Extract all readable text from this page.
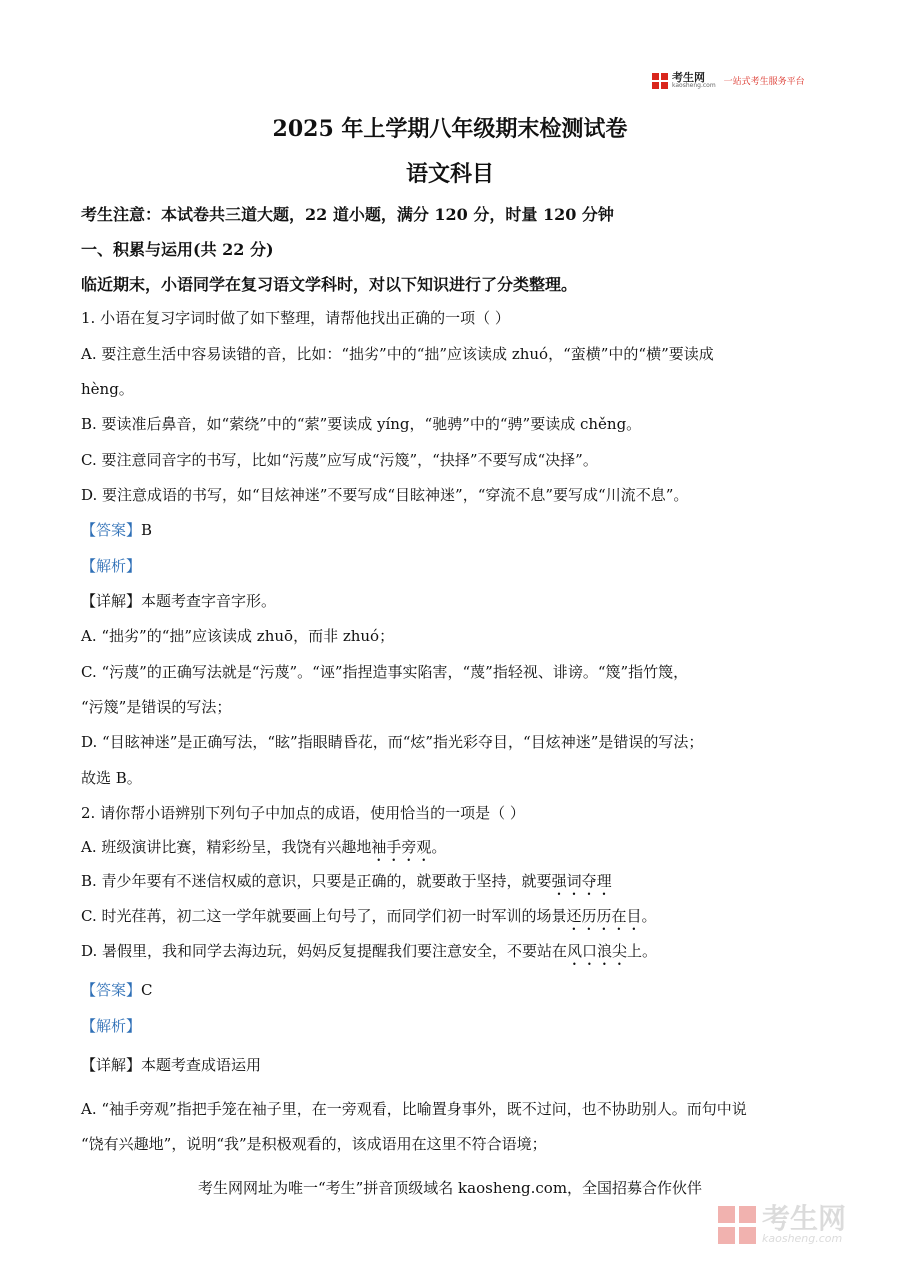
考生网
kaosheng.com 一站式考生服务平台
2025 年上学期八年级期末检测试卷
语文科目
考生注意：本试卷共三道大题，22 道小题，满分 120 分，时量 120 分钟
一、积累与运用(共 22 分)
临近期末，小语同学在复习语文学科时，对以下知识进行了分类整理。
1. 小语在复习字词时做了如下整理，请帮他找出正确的一项（ ）
A. 要注意生活中容易读错的音，比如：“拙劣”中的“拙”应该读成 zhuó，“蛮横”中的“横”要读成
hèng。
B. 要读准后鼻音，如“萦绕”中的“萦”要读成 yíng，“驰骋”中的“骋”要读成 chěng。
C. 要注意同音字的书写，比如“污蔑”应写成“污篾”，“抉择”不要写成“决择”。
D. 要注意成语的书写，如“目炫神迷”不要写成“目眩神迷”，“穿流不息”要写成“川流不息”。
【答案】B
【解析】
【详解】本题考查字音字形。
A. “拙劣”的“拙”应该读成 zhuō，而非 zhuó；
C. “污蔑”的正确写法就是“污蔑”。“诬”指捏造事实陷害，“蔑”指轻视、诽谤。“篾”指竹篾，
“污篾”是错误的写法；
D. “目眩神迷”是正确写法，“眩”指眼睛昏花，而“炫”指光彩夺目，“目炫神迷”是错误的写法；
故选 B。
2. 请你帮小语辨别下列句子中加点的成语，使用恰当的一项是（ ）
A. 班级演讲比赛，精彩纷呈，我饶有兴趣地袖手旁观。
B. 青少年要有不迷信权威的意识，只要是正确的，就要敢于坚持，就要强词夺理
C. 时光荏苒，初二这一学年就要画上句号了，而同学们初一时军训的场景还历历在目。
D. 暑假里，我和同学去海边玩，妈妈反复提醒我们要注意安全，不要站在风口浪尖上。
【答案】C
【解析】
【详解】本题考查成语运用
A. “袖手旁观”指把手笼在袖子里，在一旁观看，比喻置身事外，既不过问，也不协助别人。而句中说
“饶有兴趣地”，说明“我”是积极观看的，该成语用在这里不符合语境；
考生网网址为唯一“考生”拼音顶级域名 kaosheng.com，全国招募合作伙伴
考生网
kaosheng.com
